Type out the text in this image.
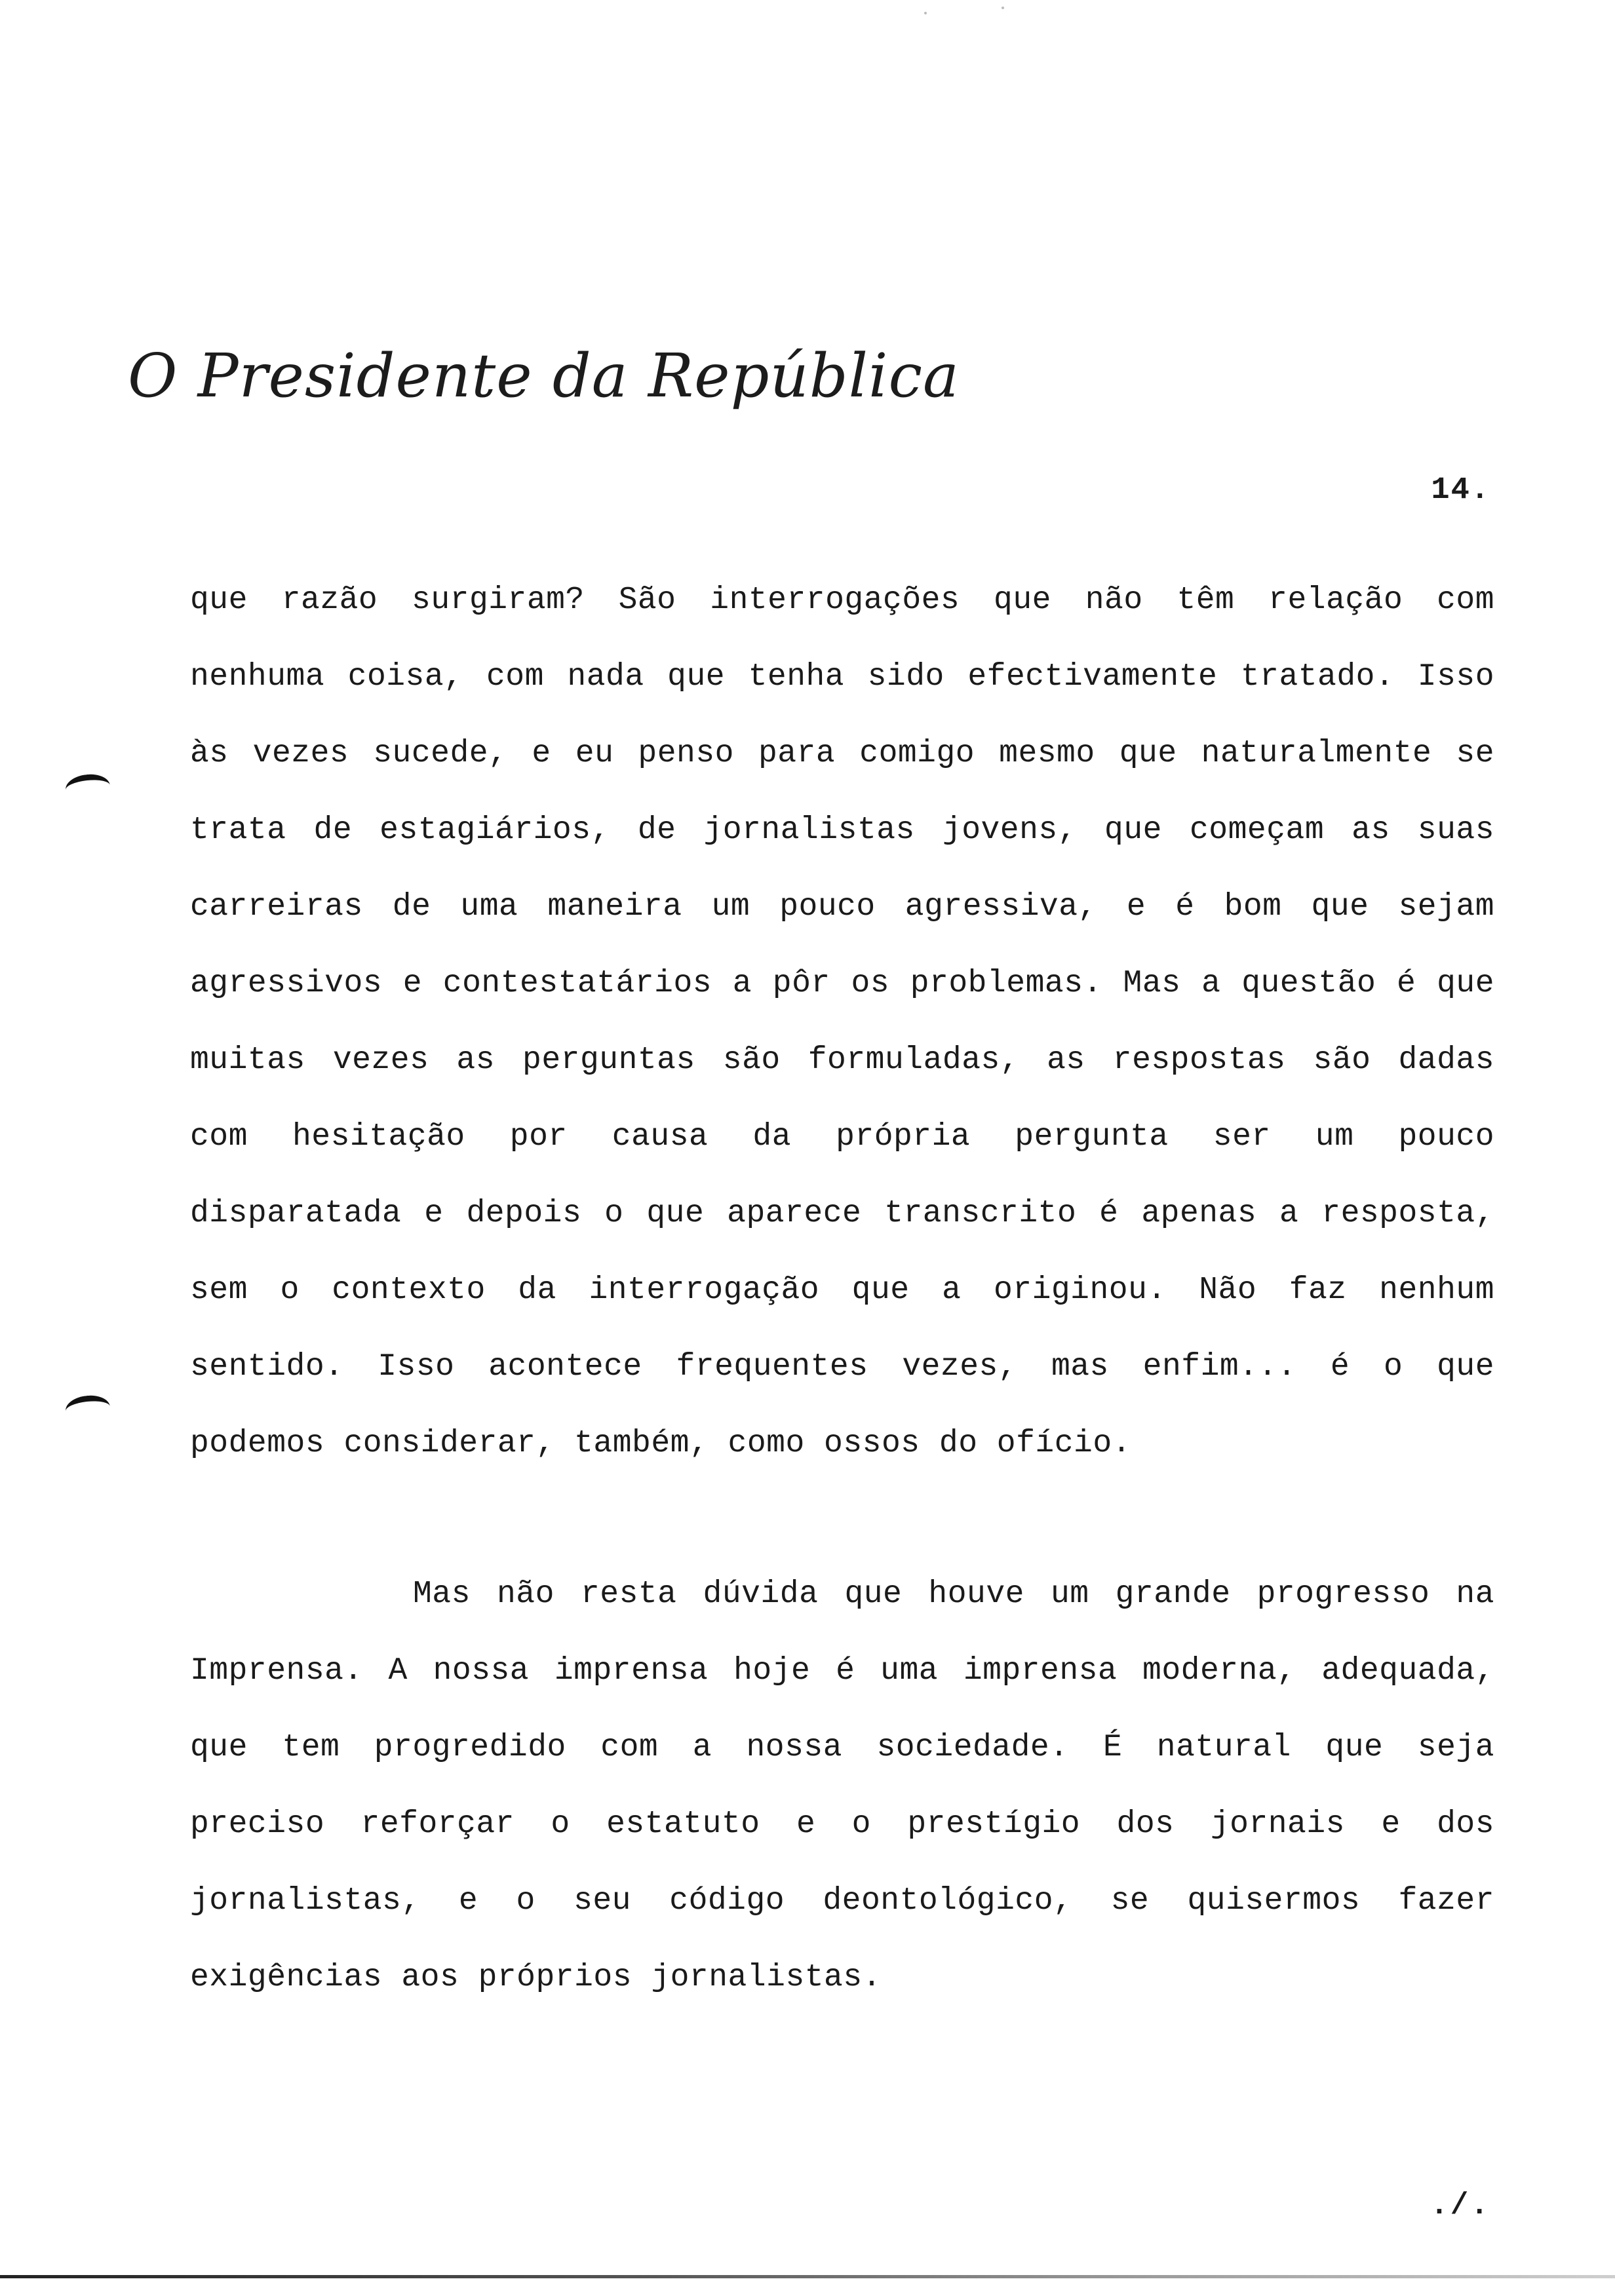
O Presidente da República
14.
que razão surgiram? São interrogações que não têm relação com nenhuma coisa, com nada que tenha sido efectivamente tratado. Isso às vezes sucede, e eu penso para comigo mesmo que naturalmente se trata de estagiários, de jornalistas jovens, que começam as suas carreiras de uma maneira um pouco agressiva, e é bom que sejam agressivos e contestatários a pôr os problemas. Mas a questão é que muitas vezes as perguntas são formuladas, as respostas são dadas com hesitação por causa da própria pergunta ser um pouco disparatada e depois o que aparece transcrito é apenas a resposta, sem o contexto da interrogação que a originou. Não faz nenhum sentido. Isso acontece frequentes vezes, mas enfim... é o que podemos considerar, também, como ossos do ofício.
Mas não resta dúvida que houve um grande progresso na Imprensa. A nossa imprensa hoje é uma imprensa moderna, adequada, que tem progredido com a nossa sociedade. É natural que seja preciso reforçar o estatuto e o prestígio dos jornais e dos jornalistas, e o seu código deontológico, se quisermos fazer exigências aos próprios jornalistas.
./.
